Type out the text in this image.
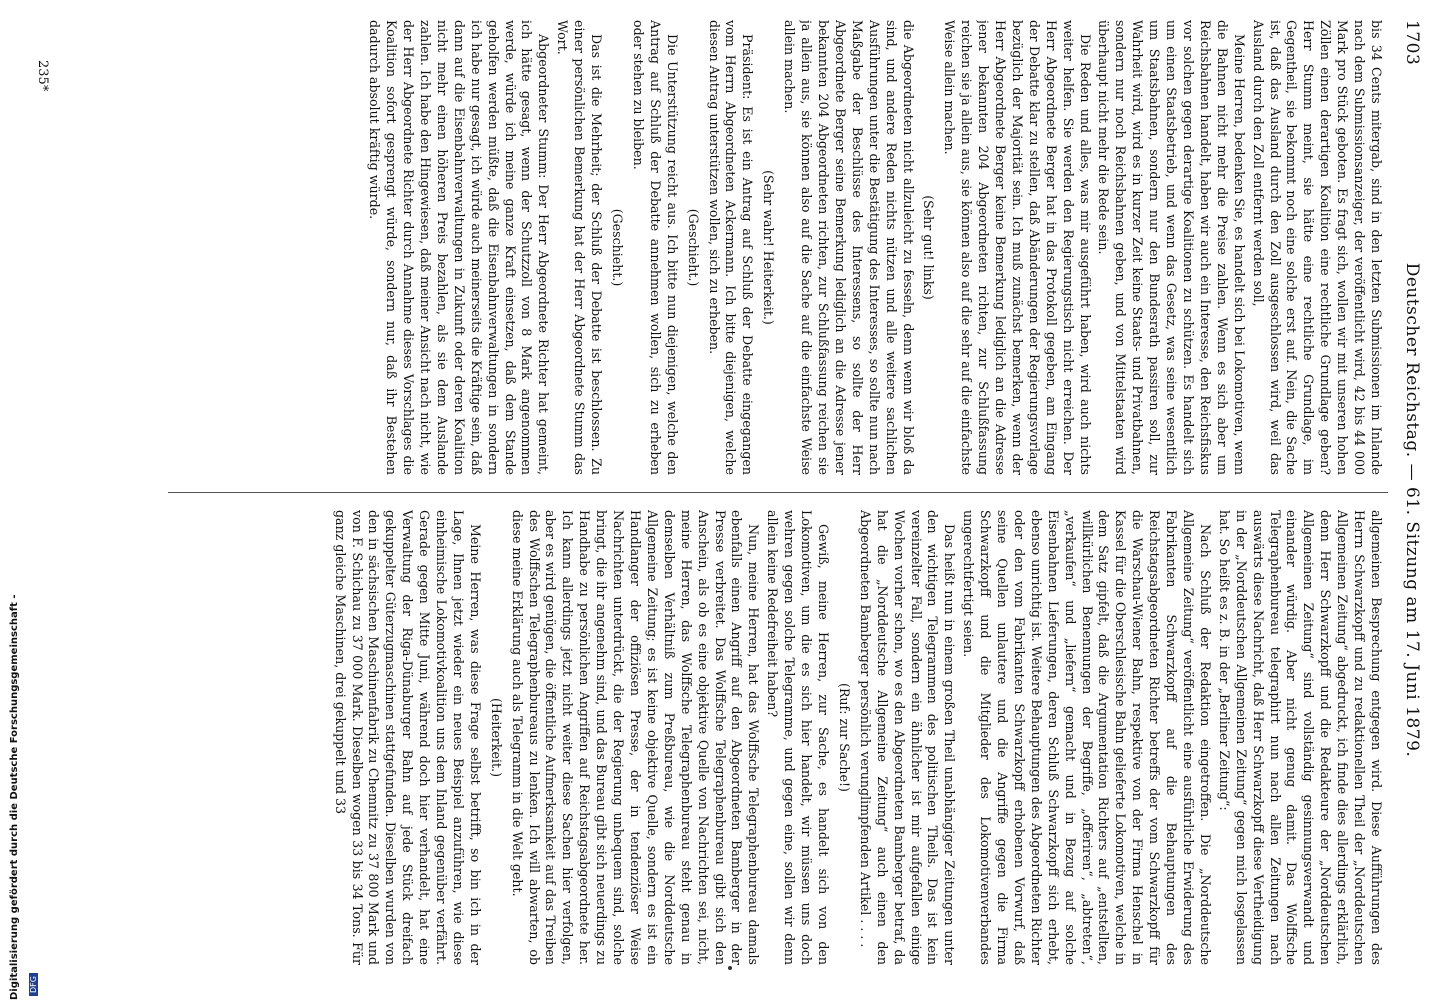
1703
Deutscher Reichstag. — 61. Sitzung am 17. Juni 1879.

bis 34 Cents mitergab, sind in den letzten Submissionen im Inlande nach dem Submissionsanzeiger, der veröffentlicht wird, 42 bis 44 000 Mark pro Stück geboten. Es fragt sich, wollen wir mit unseren hohen Zöllen einen derartigen Koalition eine rechtliche Grundlage geben? Herr Stumm meint, sie hätte eine rechtliche Grundlage, im Gegentheil, sie bekommt noch eine solche erst auf. Nein, die Sache ist, daß das Ausland durch den Zoll ausgeschlossen wird, weil das Ausland durch den Zoll entfernt werden soll,

Meine Herren, bedenken Sie, es handelt sich bei Lokomotiven, wenn die Bahnen nicht mehr die Preise zahlen. Wenn es sich aber um Reichsbahnen handelt, haben wir auch ein Interesse, den Reichsfiskus vor solchen gegen derartige Koalitionen zu schützen. Es handelt sich um einen Staatsbetrieb, und wenn das Gesetz, was seine wesentlich um Staatsbahnen, sondern nur den Bundesrath passiren soll, zur Wahrheit wird, wird es in kurzer Zeit keine Staats- und Privatbahnen, sondern nur noch Reichsbahnen geben, und von Mittelstaaten wird überhaupt nicht mehr die Rede sein.

Die Reden und alles, was mir ausgeführt haben, wird auch nichts weiter helfen. Sie werden den Regierungstisch nicht erreichen. Der Herr Abgeordnete Berger hat in das Protokoll gegeben, am Eingang der Debatte klar zu stellen, daß Abänderungen der Regierungsvorlage bezüglich der Majorität sein. Ich muß zunächst bemerken, wenn der Herr Abgeordnete Berger keine Bemerkung lediglich an die Adresse jener bekannten 204 Abgeordneten richten, zur Schlußfassung reichen sie ja allein aus, sie können also auf die sehr auf die einfachste Weise allein machen.

(Sehr gut! links)

die Abgeordneten nicht allzuleicht zu fesseln, denn wenn wir bloß da sind, und andere Reden nichts nützen und alle weitere sachlichen Ausführungen unter die Bestätigung des Interesses, so sollte nun nach Maßgabe der Beschlüsse des Interessens, so sollte der Herr Abgeordnete Berger seine Bemerkung lediglich an die Adresse jener bekannten 204 Abgeordneten richten, zur Schlußfassung reichen sie ja allein aus, sie können also auf die Sache auf die einfachste Weise allein machen.

(Sehr wahr! Heiterkeit.)

Präsident: Es ist ein Antrag auf Schluß der Debatte eingegangen vom Herrn Abgeordneten Ackermann. Ich bitte diejenigen, welche diesen Antrag unterstützen wollen, sich zu erheben.

(Geschieht.)

Die Unterstützung reicht aus. Ich bitte nun diejenigen, welche den Antrag auf Schluß der Debatte annehmen wollen, sich zu erheben oder stehen zu bleiben.

(Geschieht.)

Das ist die Mehrheit; der Schluß der Debatte ist beschlossen. Zu einer persönlichen Bemerkung hat der Herr Abgeordnete Stumm das Wort.

Abgeordneter Stumm: Der Herr Abgeordnete Richter hat gemeint, ich hätte gesagt, wenn der Schutzzoll von 8 Mark angenommen werde, würde ich meine ganze Kraft einsetzen, daß dem Stande geholfen werden müßte, daß die Eisenbahnverwaltungen in sondern ich habe nur gesagt, ich würde auch meinerseits die Kräftige sein, daß dann auf die Eisenbahnverwaltungen in Zukunft oder deren Koalition nicht mehr einen höheren Preis bezahlen, als sie dem Auslande zahlen. Ich habe den Hingewiesen, daß meiner Ansicht nach nicht, wie der Herr Abgeordnete Richter durch Annahme dieses Vorschlages die Koalition sofort gesprengt würde, sondern nur, daß ihr Bestehen dadurch absolut kräftig würde.

allgemeinen Besprechung entgegen wird. Diese Aufführungen des Herrn Schwarzkopff und zu redaktionellen Theil der „Norddeutschen Allgemeinen Zeitung“ abgedruckt, ich finde dies allerdings erklärlich, denn Herr Schwarzkopff und die Redakteure der „Norddeutschen Allgemeinen Zeitung“ sind vollständig gesinnungsverwandt und einander würdig. Aber nicht genug damit. Das Wolffsche Telegraphenbureau telegraphirt nun nach allen Zeitungen nach auswärts diese Nachricht, daß Herr Schwarzkopff diese Vertheidigung in der „Norddeutschen Allgemeinen Zeitung“ gegen mich losgelassen hat. So heißt es z. B. in der „Berliner Zeitung“:

Nach Schluß der Redaktion eingetroffen. Die „Norddeutsche Allgemeine Zeitung“ veröffentlicht eine ausführliche Erwiderung des Fabrikanten Schwarzkopff auf die Behauptungen des Reichstagsabgeordneten Richter betreffs der vom Schwarzkopff für die Warschau-Wiener Bahn, respektive von der Firma Henschel in Kassel für die Oberschlesische Bahn gelieferte Lokomotiven, welche in dem Satz gipfelt, daß die Argumentation Richters auf „entstellten, willkürlichen Benennungen der Begriffe, „offeriren“, „abtreten“, „verkaufen“ und „liefern“ gemacht und in Bezug auf solche Eisenbahnen Lieferungen, deren Schluß Schwarzkopff sich erhebt, ebenso unrichtig ist. Weitere Behauptungen des Abgeordneten Richter oder den vom Fabrikanten Schwarzkopff erhobenen Vorwurf, daß seine Quellen unlautere und die Angriffe gegen die Firma Schwarzkopff und die Mitglieder des Lokomotivenverbandes ungerechtfertigt seien.

Das heißt nun in einem großen Theil unabhängiger Zeitungen unter den wichtigen Telegrammen des politischen Theils. Das ist kein vereinzelter Fall, sondern ein ähnlicher ist mir aufgefallen einige Wochen vorher schon, wo es den Abgeordneten Bamberger betraf, da hat die „Norddeutsche Allgemeine Zeitung“ auch einen den Abgeordneten Bamberger persönlich verunglimpfenden Artikel . . . .

(Ruf: zur Sache!)

Gewiß, meine Herren, zur Sache, es handelt sich von den Lokomotiven, um die es sich hier handelt, wir müssen uns doch wehren gegen solche Telegramme, und gegen eine, sollen wir denn allein keine Redefreiheit haben?

Nun, meine Herren, hat das Wolffsche Telegraphenbureau damals ebenfalls einen Angriff auf den Abgeordneten Bamberger in der Presse verbreitet. Das Wolffsche Telegraphenbureau gibt sich den Anschein, als ob es eine objektive Quelle von Nachrichten sei, nicht, meine Herren, das Wolffsche Telegraphenbureau steht genau in demselben Verhältniß zum Preßbureau, wie die Norddeutsche Allgemeine Zeitung; es ist keine objektive Quelle, sondern es ist ein Handlanger der offiziösen Presse, der in tendenziöser Weise Nachrichten unterdrückt, die der Regierung unbequem sind, solche bringt, die ihr angenehm sind, und das Bureau gibt sich neuerdings zu Handhabe zu persönlichen Angriffen auf Reichstagsabgeordnete her. Ich kann allerdings jetzt nicht weiter diese Sachen hier verfolgen, aber es wird genügen, die öffentliche Aufmerksamkeit auf das Treiben des Wolffschen Telegraphenbureaus zu lenken. Ich will abwarten, ob diese meine Erklärung auch als Telegramm in die Welt geht.

(Heiterkeit.)

Meine Herren, was diese Frage selbst betrifft, so bin ich in der Lage, Ihnen jetzt wieder ein neues Beispiel anzuführen, wie diese einheimische Lokomotivkoalition uns dem Inland gegenüber verfährt. Gerade gegen Mitte Juni, während doch hier verhandelt, hat eine Verwaltung der Riga-Dünaburger Bahn auf jede Stück dreifach gekuppelter Güterzugmaschinen stattgefunden. Dieselben wurden von den in sächsischen Maschinenfabrik zu Chemnitz zu 37 800 Mark und von F. Schichau zu 37 000 Mark. Dieselben wogen 33 bis 34 Tons. Für ganz gleiche Maschinen, drei gekuppelt und 33

235*
Digitalisierung gefördert durch die Deutsche Forschungsgemeinschaft - DFG
